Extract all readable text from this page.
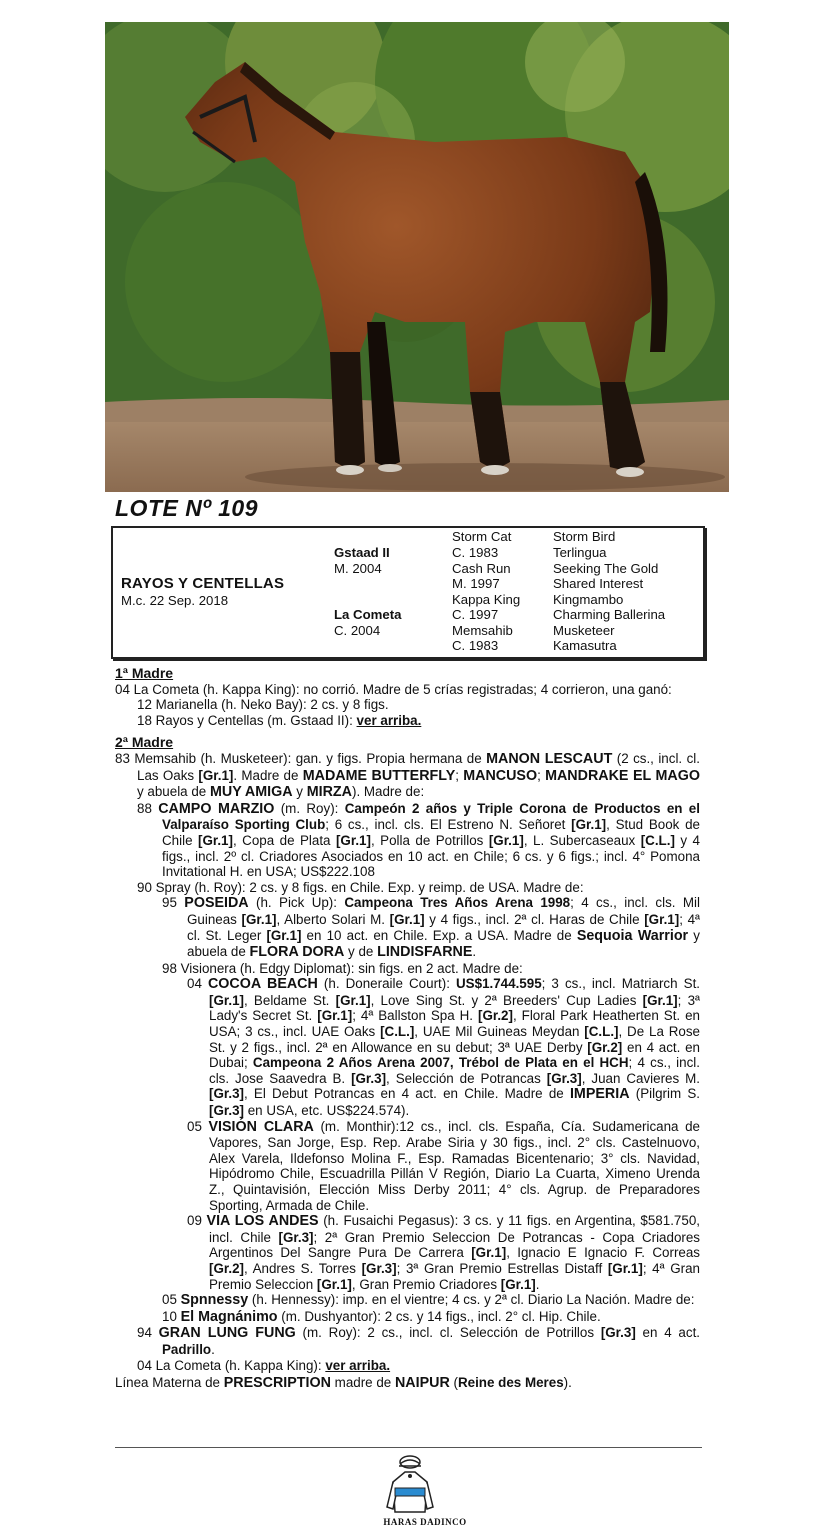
LOTE Nº 109
RAYOS Y CENTELLAS
M.c. 22 Sep. 2018
Gstaad II
M. 2004
La Cometa
C. 2004
Storm Cat
C. 1983
Cash Run
M. 1997
Kappa King
C. 1997
Memsahib
C. 1983
Storm Bird
Terlingua
Seeking The Gold
Shared Interest
Kingmambo
Charming Ballerina
Musketeer
Kamasutra
1ª Madre
04 La Cometa (h. Kappa King): no corrió. Madre de 5 crías registradas; 4 corrieron, una ganó:
12 Marianella (h. Neko Bay): 2 cs. y 8 figs.
18 Rayos y Centellas (m. Gstaad II): ver arriba.
2ª Madre
83 Memsahib (h. Musketeer): gan. y figs. Propia hermana de MANON LESCAUT (2 cs., incl. cl. Las Oaks [Gr.1]. Madre de MADAME BUTTERFLY; MANCUSO; MANDRAKE EL MAGO y abuela de MUY AMIGA y MIRZA). Madre de:
88 CAMPO MARZIO (m. Roy): Campeón 2 años y Triple Corona de Productos en el Valparaíso Sporting Club; 6 cs., incl. cls. El Estreno N. Señoret [Gr.1], Stud Book de Chile [Gr.1], Copa de Plata [Gr.1], Polla de Potrillos [Gr.1], L. Subercaseaux [C.L.] y 4 figs., incl. 2º cl. Criadores Asociados en 10 act. en Chile; 6 cs. y 6 figs.; incl. 4° Pomona Invitational H. en USA; US$222.108
90 Spray (h. Roy): 2 cs. y 8 figs. en Chile. Exp. y reimp. de USA. Madre de:
95 POSEIDA (h. Pick Up): Campeona Tres Años Arena 1998; 4 cs., incl. cls. Mil Guineas [Gr.1], Alberto Solari M. [Gr.1] y 4 figs., incl. 2ª cl. Haras de Chile [Gr.1]; 4ª cl. St. Leger [Gr.1] en 10 act. en Chile. Exp. a USA. Madre de Sequoia Warrior y abuela de FLORA DORA y de LINDISFARNE.
98 Visionera (h. Edgy Diplomat): sin figs. en 2 act. Madre de:
04 COCOA BEACH (h. Doneraile Court): US$1.744.595; 3 cs., incl. Matriarch St. [Gr.1], Beldame St. [Gr.1], Love Sing St. y 2ª Breeders' Cup Ladies [Gr.1]; 3ª Lady's Secret St. [Gr.1]; 4ª Ballston Spa H. [Gr.2], Floral Park Heatherten St. en USA; 3 cs., incl. UAE Oaks [C.L.], UAE Mil Guineas Meydan [C.L.], De La Rose St. y 2 figs., incl. 2ª en Allowance en su debut; 3ª UAE Derby [Gr.2] en 4 act. en Dubai; Campeona 2 Años Arena 2007, Trébol de Plata en el HCH; 4 cs., incl. cls. Jose Saavedra B. [Gr.3], Selección de Potrancas [Gr.3], Juan Cavieres M. [Gr.3], El Debut Potrancas en 4 act. en Chile. Madre de IMPERIA (Pilgrim S. [Gr.3] en USA, etc. US$224.574).
05 VISIÓN CLARA (m. Monthir):12 cs., incl. cls. España, Cía. Sudamericana de Vapores, San Jorge, Esp. Rep. Arabe Siria y 30 figs., incl. 2° cls. Castelnuovo, Alex Varela, Ildefonso Molina F., Esp. Ramadas Bicentenario; 3° cls. Navidad, Hipódromo Chile, Escuadrilla Pillán V Región, Diario La Cuarta, Ximeno Urenda Z., Quintavisión, Elección Miss Derby 2011; 4° cls. Agrup. de Preparadores Sporting, Armada de Chile.
09 VIA LOS ANDES (h. Fusaichi Pegasus): 3 cs. y 11 figs. en Argentina, $581.750, incl. Chile [Gr.3]; 2ª Gran Premio Seleccion De Potrancas - Copa Criadores Argentinos Del Sangre Pura De Carrera [Gr.1], Ignacio E Ignacio F. Correas [Gr.2], Andres S. Torres [Gr.3]; 3ª Gran Premio Estrellas Distaff [Gr.1]; 4ª Gran Premio Seleccion [Gr.1], Gran Premio Criadores [Gr.1].
05 Spnnessy (h. Hennessy): imp. en el vientre; 4 cs. y 2ª cl. Diario La Nación. Madre de:
10 El Magnánimo (m. Dushyantor): 2 cs. y 14 figs., incl. 2° cl. Hip. Chile.
94 GRAN LUNG FUNG (m. Roy): 2 cs., incl. cl. Selección de Potrillos [Gr.3] en 4 act. Padrillo.
04 La Cometa (h. Kappa King): ver arriba.
Línea Materna de PRESCRIPTION madre de NAIPUR (Reine des Meres).
HARAS DADINCO
